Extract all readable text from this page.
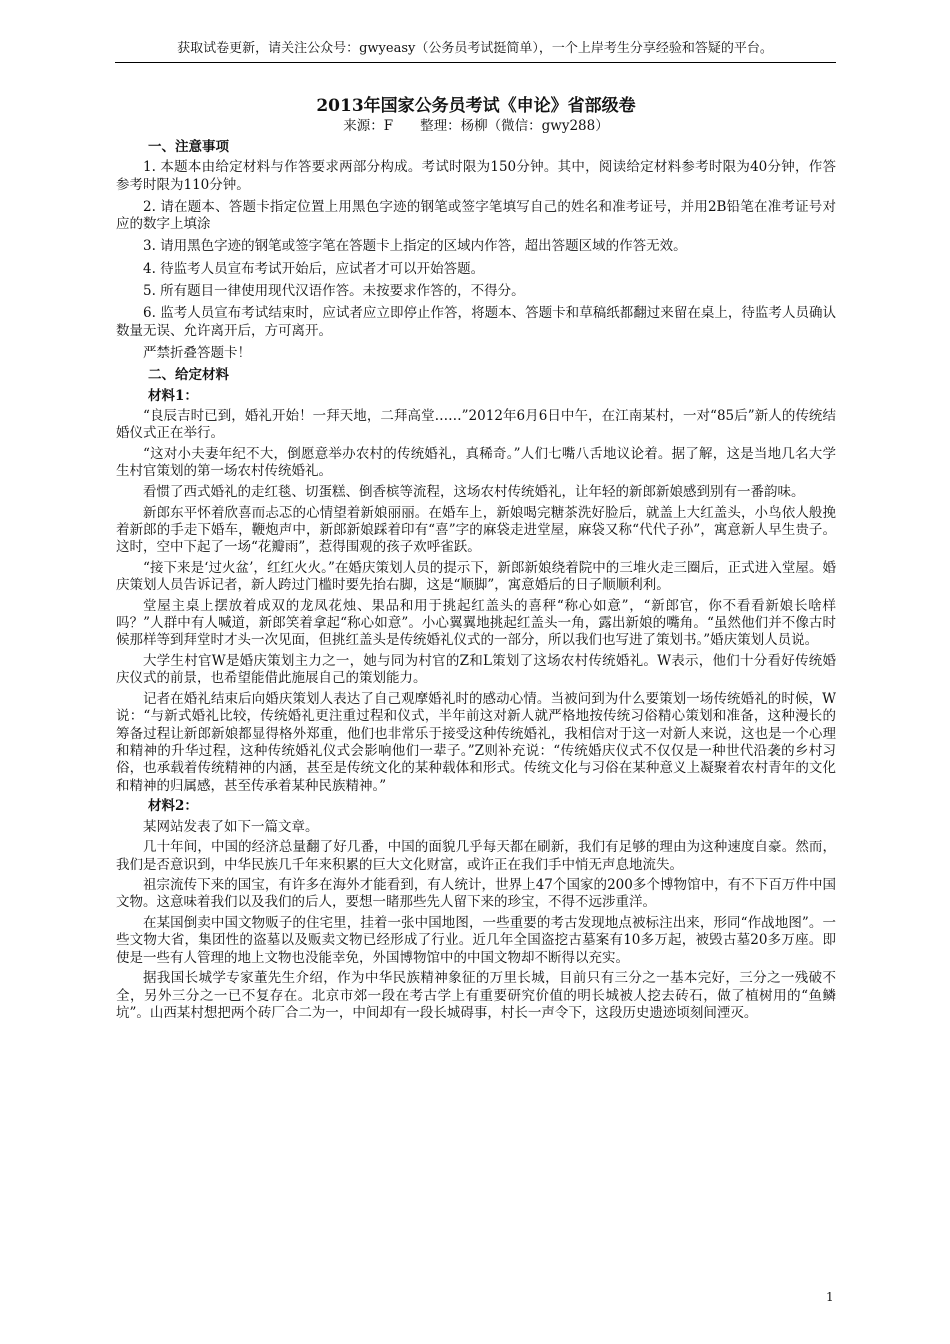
获取试卷更新，请关注公众号：gwyeasy（公务员考试挺简单），一个上岸考生分享经验和答疑的平台。
2013年国家公务员考试《申论》省部级卷
来源：F　　整理：杨柳（微信：gwy288）
一、注意事项

1. 本题本由给定材料与作答要求两部分构成。考试时限为150分钟。其中，阅读给定材料参考时限为40分钟，作答参考时限为110分钟。

2. 请在题本、答题卡指定位置上用黑色字迹的钢笔或签字笔填写自己的姓名和准考证号，并用2B铅笔在准考证号对应的数字上填涂

3. 请用黑色字迹的钢笔或签字笔在答题卡上指定的区域内作答，超出答题区域的作答无效。

4. 待监考人员宣布考试开始后，应试者才可以开始答题。

5. 所有题目一律使用现代汉语作答。未按要求作答的，不得分。

6. 监考人员宣布考试结束时，应试者应立即停止作答，将题本、答题卡和草稿纸都翻过来留在桌上，待监考人员确认数量无误、允许离开后，方可离开。

严禁折叠答题卡！

二、给定材料
材料1：

“良辰吉时已到，婚礼开始！一拜天地，二拜高堂……”2012年6月6日中午，在江南某村，一对“85后”新人的传统结婚仪式正在举行。

“这对小夫妻年纪不大，倒愿意举办农村的传统婚礼，真稀奇。”人们七嘴八舌地议论着。据了解，这是当地几名大学生村官策划的第一场农村传统婚礼。

看惯了西式婚礼的走红毯、切蛋糕、倒香槟等流程，这场农村传统婚礼，让年轻的新郎新娘感到别有一番韵味。

新郎东平怀着欣喜而忐忑的心情望着新娘丽丽。在婚车上，新娘喝完糖茶洗好脸后，就盖上大红盖头，小鸟依人般挽着新郎的手走下婚车，鞭炮声中，新郎新娘踩着印有“喜”字的麻袋走进堂屋，麻袋又称“代代子孙”，寓意新人早生贵子。这时，空中下起了一场“花瓣雨”，惹得围观的孩子欢呼雀跃。

“接下来是‘过火盆’，红红火火。”在婚庆策划人员的提示下，新郎新娘绕着院中的三堆火走三圈后，正式进入堂屋。婚庆策划人员告诉记者，新人跨过门槛时要先抬右脚，这是“顺脚”，寓意婚后的日子顺顺利利。

堂屋主桌上摆放着成双的龙凤花烛、果品和用于挑起红盖头的喜秤“称心如意”，“新郎官，你不看看新娘长啥样吗？”人群中有人喊道，新郎笑着拿起“称心如意”。小心翼翼地挑起红盖头一角，露出新娘的嘴角。“虽然他们并不像古时候那样等到拜堂时才头一次见面，但挑红盖头是传统婚礼仪式的一部分，所以我们也写进了策划书。”婚庆策划人员说。

大学生村官W是婚庆策划主力之一，她与同为村官的Z和L策划了这场农村传统婚礼。W表示，他们十分看好传统婚庆仪式的前景，也希望能借此施展自己的策划能力。

记者在婚礼结束后向婚庆策划人表达了自己观摩婚礼时的感动心情。当被问到为什么要策划一场传统婚礼的时候，W说：“与新式婚礼比较，传统婚礼更注重过程和仪式，半年前这对新人就严格地按传统习俗精心策划和准备，这种漫长的筹备过程让新郎新娘都显得格外郑重，他们也非常乐于接受这种传统婚礼，我相信对于这一对新人来说，这也是一个心理和精神的升华过程，这种传统婚礼仪式会影响他们一辈子。”Z则补充说：“传统婚庆仪式不仅仅是一种世代沿袭的乡村习俗，也承载着传统精神的内涵，甚至是传统文化的某种载体和形式。传统文化与习俗在某种意义上凝聚着农村青年的文化和精神的归属感，甚至传承着某种民族精神。”

材料2：

某网站发表了如下一篇文章。

几十年间，中国的经济总量翻了好几番，中国的面貌几乎每天都在刷新，我们有足够的理由为这种速度自豪。然而，我们是否意识到，中华民族几千年来积累的巨大文化财富，或许正在我们手中悄无声息地流失。

祖宗流传下来的国宝，有许多在海外才能看到，有人统计，世界上47个国家的200多个博物馆中，有不下百万件中国文物。这意味着我们以及我们的后人，要想一睹那些先人留下来的珍宝，不得不远涉重洋。

在某国倒卖中国文物贩子的住宅里，挂着一张中国地图，一些重要的考古发现地点被标注出来，形同“作战地图”。一些文物大省，集团性的盗墓以及贩卖文物已经形成了行业。近几年全国盗挖古墓案有10多万起，被毁古墓20多万座。即使是一些有人管理的地上文物也没能幸免，外国博物馆中的中国文物却不断得以充实。

据我国长城学专家董先生介绍，作为中华民族精神象征的万里长城，目前只有三分之一基本完好，三分之一残破不全，另外三分之一已不复存在。北京市郊一段在考古学上有重要研究价值的明长城被人挖去砖石，做了植树用的“鱼鳞坑”。山西某村想把两个砖厂合二为一，中间却有一段长城碍事，村长一声令下，这段历史遗迹顷刻间湮灭。

1
